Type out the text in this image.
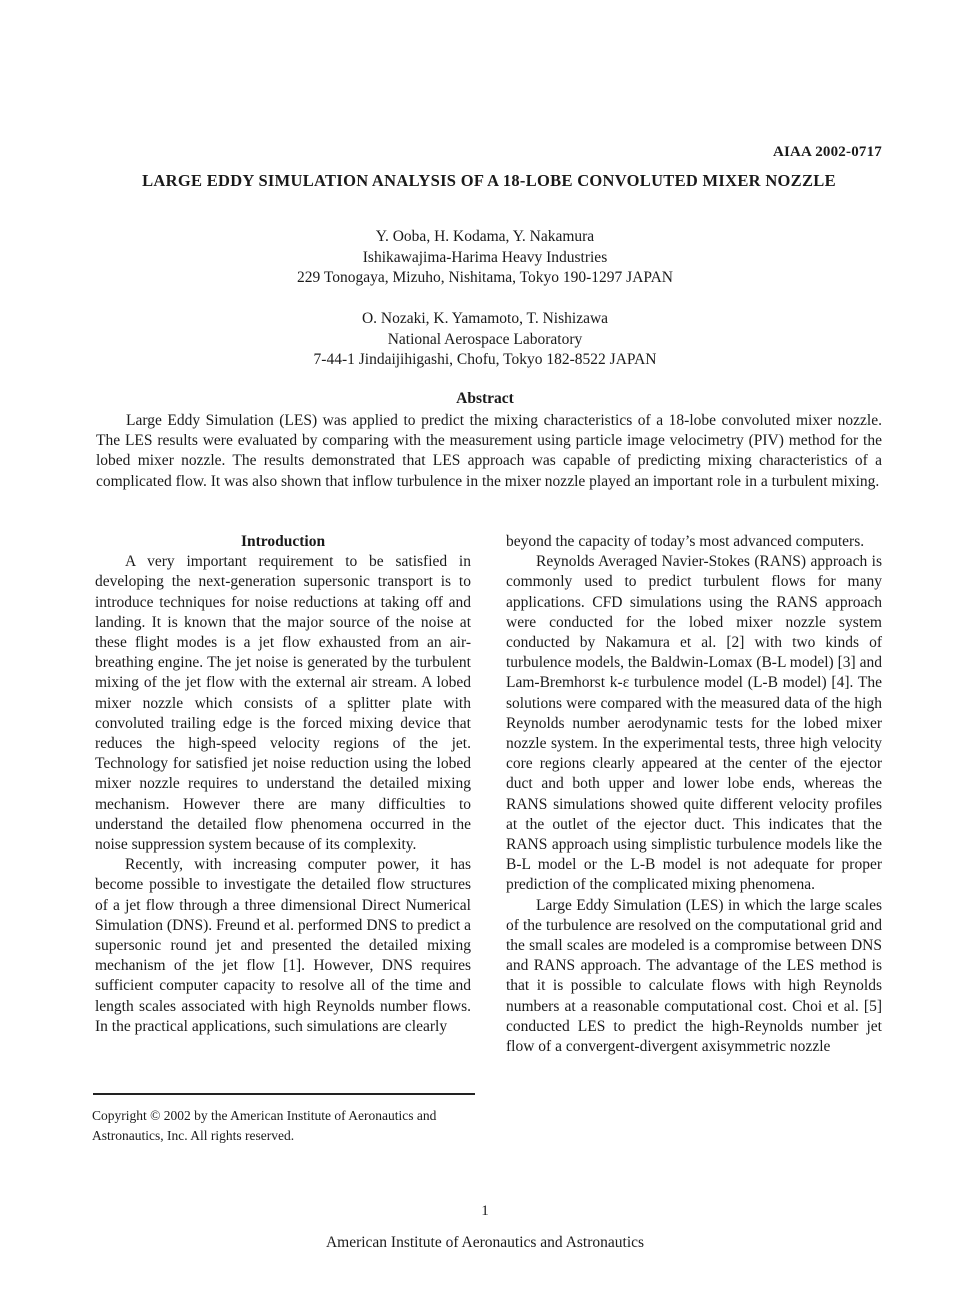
AIAA 2002-0717
LARGE EDDY SIMULATION ANALYSIS OF A 18-LOBE CONVOLUTED MIXER NOZZLE
Y. Ooba, H. Kodama, Y. Nakamura
Ishikawajima-Harima Heavy Industries
229 Tonogaya, Mizuho, Nishitama, Tokyo 190-1297 JAPAN
O. Nozaki, K. Yamamoto, T. Nishizawa
National Aerospace Laboratory
7-44-1 Jindaijihigashi, Chofu, Tokyo 182-8522 JAPAN
Abstract

Large Eddy Simulation (LES) was applied to predict the mixing characteristics of a 18-lobe convoluted mixer nozzle. The LES results were evaluated by comparing with the measurement using particle image velocimetry (PIV) method for the lobed mixer nozzle. The results demonstrated that LES approach was capable of predicting mixing characteristics of a complicated flow. It was also shown that inflow turbulence in the mixer nozzle played an important role in a turbulent mixing.

Introduction

A very important requirement to be satisfied in developing the next-generation supersonic transport is to introduce techniques for noise reductions at taking off and landing. It is known that the major source of the noise at these flight modes is a jet flow exhausted from an air-breathing engine. The jet noise is generated by the turbulent mixing of the jet flow with the external air stream. A lobed mixer nozzle which consists of a splitter plate with convoluted trailing edge is the forced mixing device that reduces the high-speed velocity regions of the jet. Technology for satisfied jet noise reduction using the lobed mixer nozzle requires to understand the detailed mixing mechanism. However there are many difficulties to understand the detailed flow phenomena occurred in the noise suppression system because of its complexity.

Recently, with increasing computer power, it has become possible to investigate the detailed flow structures of a jet flow through a three dimensional Direct Numerical Simulation (DNS). Freund et al. performed DNS to predict a supersonic round jet and presented the detailed mixing mechanism of the jet flow [1]. However, DNS requires sufficient computer capacity to resolve all of the time and length scales associated with high Reynolds number flows. In the practical applications, such simulations are clearly

beyond the capacity of today’s most advanced computers.

Reynolds Averaged Navier-Stokes (RANS) approach is commonly used to predict turbulent flows for many applications. CFD simulations using the RANS approach were conducted for the lobed mixer nozzle system conducted by Nakamura et al. [2] with two kinds of turbulence models, the Baldwin-Lomax (B-L model) [3] and Lam-Bremhorst k-ε turbulence model (L-B model) [4]. The solutions were compared with the measured data of the high Reynolds number aerodynamic tests for the lobed mixer nozzle system. In the experimental tests, three high velocity core regions clearly appeared at the center of the ejector duct and both upper and lower lobe ends, whereas the RANS simulations showed quite different velocity profiles at the outlet of the ejector duct. This indicates that the RANS approach using simplistic turbulence models like the B-L model or the L-B model is not adequate for proper prediction of the complicated mixing phenomena.

Large Eddy Simulation (LES) in which the large scales of the turbulence are resolved on the computational grid and the small scales are modeled is a compromise between DNS and RANS approach. The advantage of the LES method is that it is possible to calculate flows with high Reynolds numbers at a reasonable computational cost. Choi et al. [5] conducted LES to predict the high-Reynolds number jet flow of a convergent-divergent axisymmetric nozzle

Copyright © 2002 by the American Institute of Aeronautics and Astronautics, Inc. All rights reserved.

1
American Institute of Aeronautics and Astronautics
